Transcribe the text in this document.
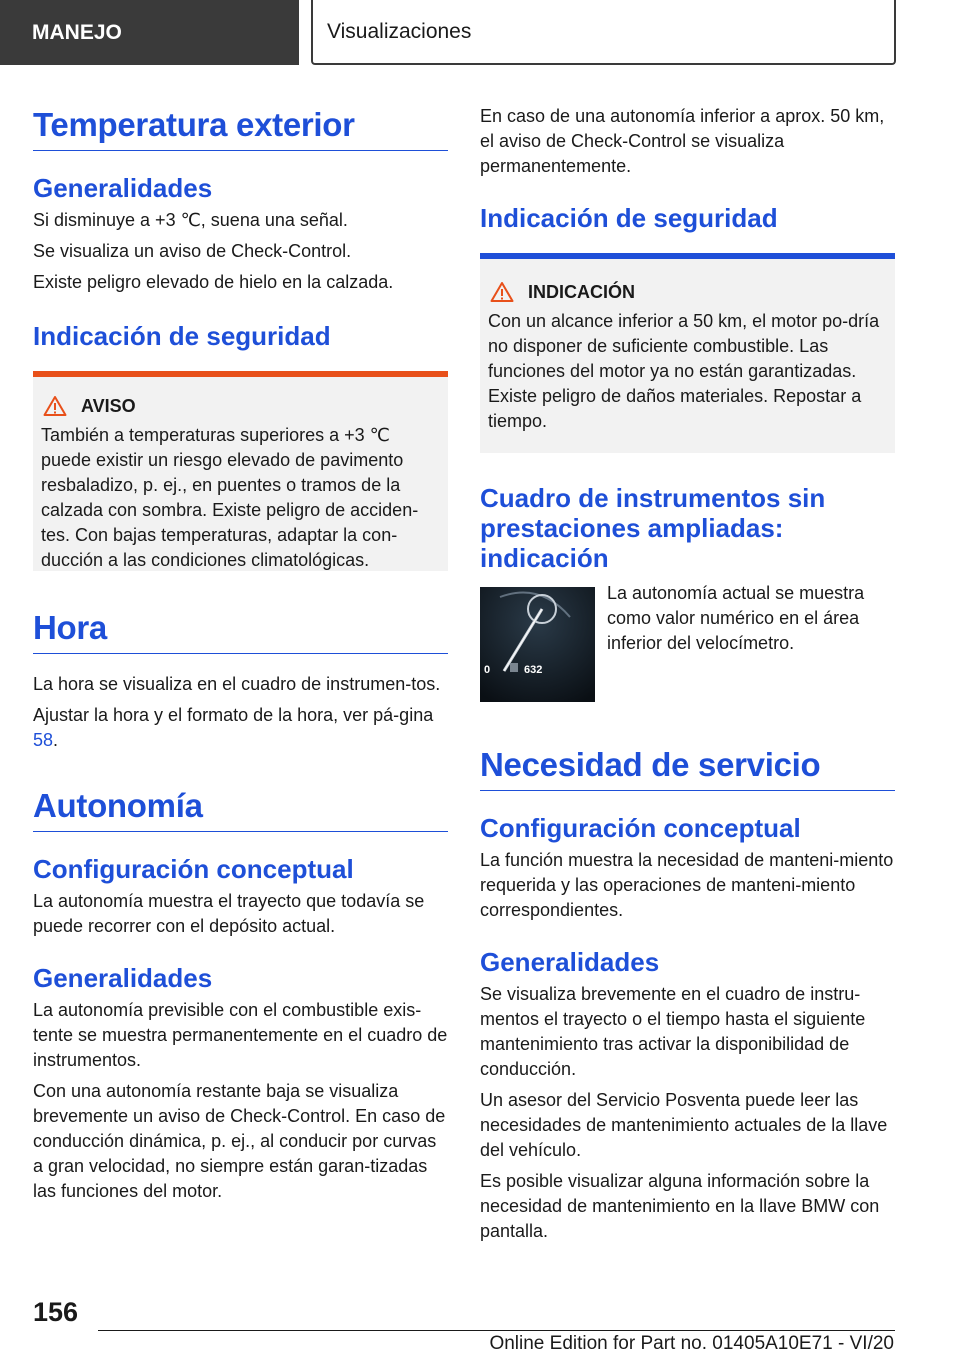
MANEJO	Visualizaciones
Temperatura exterior
Generalidades

Si disminuye a +3 ℃, suena una señal.

Se visualiza un aviso de Check-Control.

Existe peligro elevado de hielo en la calzada.

Indicación de seguridad
AVISO

También a temperaturas superiores a +3 ℃ puede existir un riesgo elevado de pavimento resbaladizo, p. ej., en puentes o tramos de la calzada con sombra. Existe peligro de acciden-tes. Con bajas temperaturas, adaptar la con-ducción a las condiciones climatológicas.

Hora

La hora se visualiza en el cuadro de instrumen-tos.

Ajustar la hora y el formato de la hora, ver pá-gina 58.

Autonomía
Configuración conceptual

La autonomía muestra el trayecto que todavía se puede recorrer con el depósito actual.

Generalidades

La autonomía previsible con el combustible exis-tente se muestra permanentemente en el cuadro de instrumentos.

Con una autonomía restante baja se visualiza brevemente un aviso de Check-Control. En caso de conducción dinámica, p. ej., al conducir por curvas a gran velocidad, no siempre están garan-tizadas las funciones del motor.

En caso de una autonomía inferior a aprox. 50 km, el aviso de Check-Control se visualiza permanentemente.

Indicación de seguridad
INDICACIÓN

Con un alcance inferior a 50 km, el motor po-dría no disponer de suficiente combustible. Las funciones del motor ya no están garantizadas. Existe peligro de daños materiales. Repostar a tiempo.

Cuadro de instrumentos sin prestaciones ampliadas: indicación
0	632

La autonomía actual se muestra como valor numérico en el área inferior del velocímetro.

Necesidad de servicio
Configuración conceptual

La función muestra la necesidad de manteni-miento requerida y las operaciones de manteni-miento correspondientes.

Generalidades

Se visualiza brevemente en el cuadro de instru-mentos el trayecto o el tiempo hasta el siguiente mantenimiento tras activar la disponibilidad de conducción.

Un asesor del Servicio Posventa puede leer las necesidades de mantenimiento actuales de la llave del vehículo.

Es posible visualizar alguna información sobre la necesidad de mantenimiento en la llave BMW con pantalla.

156
Online Edition for Part no. 01405A10E71 - VI/20
